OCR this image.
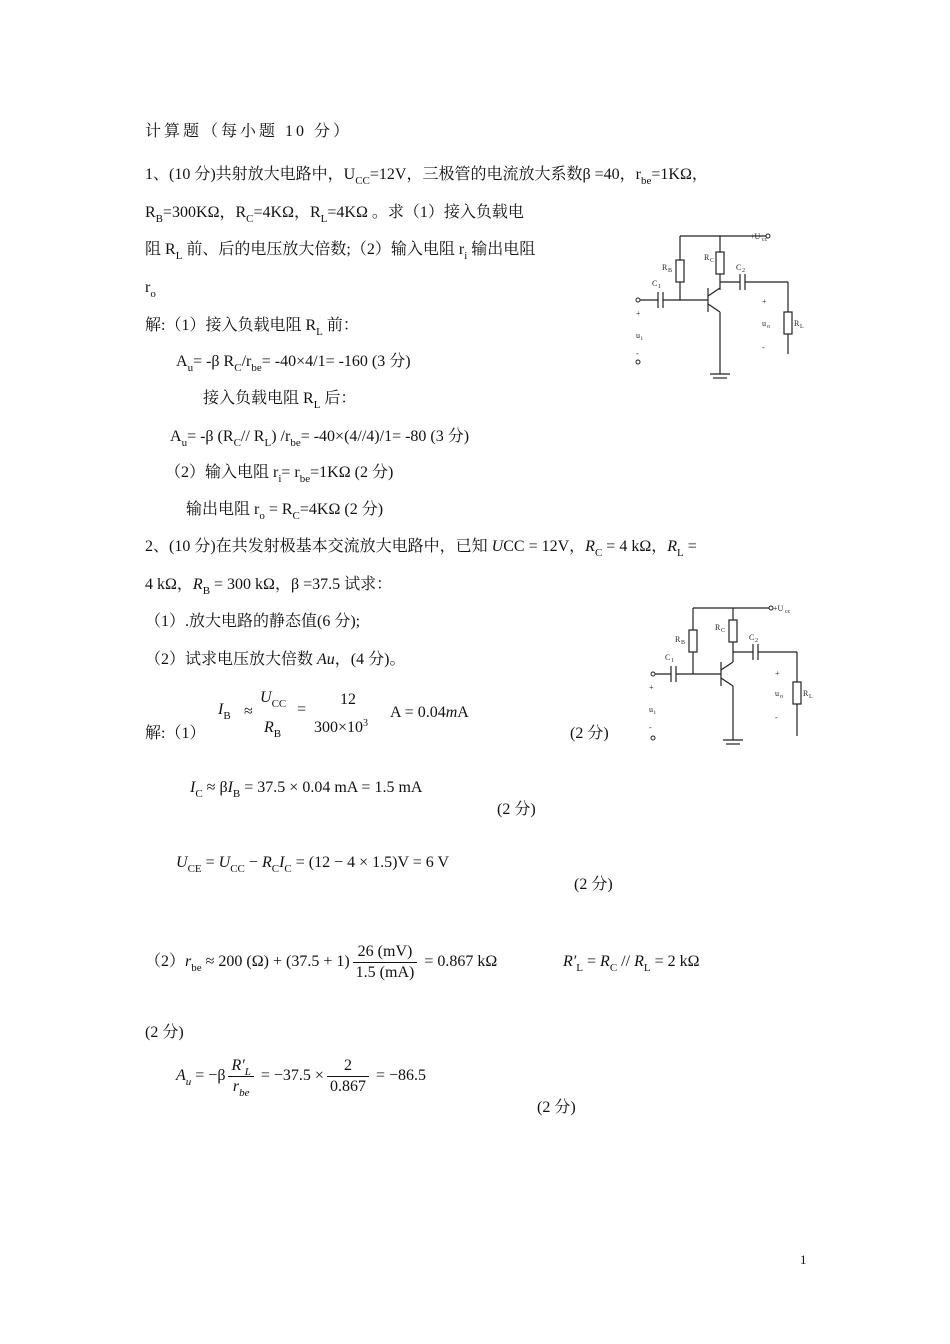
计算题（每小题 10 分）
1、(10 分)共射放大电路中，$U_{CC}=12V$，三极管的电流放大系数β =40，$r_{be}=1K\Omega$，
$R_B=300K\Omega$，$R_C=4K\Omega$，$R_L=4K\Omega$ 。求（1）接入负载电
阻 $R_L$ 前、后的电压放大倍数;（2）输入电阻 $r_i$ 输出电阻
$r_o$
解:（1）接入负载电阻 $R_L$ 前：
$A_u= -\beta$ $R_C/r_{be}= -40\times 4/1= -160$ (3 分)
接入负载电阻 $R_L$ 后：
$A_u= -\beta$ ($R_C//$ $R_L$) $/r_{be}= -40\times(4//4)/1= -80$ (3 分)
（2）输入电阻 $r_i= r_{be}=1K\Omega$ (2 分)
输出电阻 $r_o = R_C=4K\Omega$ (2 分)
+U cc
R B
R C
C 2
C 1
+
u i
-
+
u o	R L
-
2、(10 分)在共发射极基本交流放大电路中，已知 UCC = 12V，$R_C = 4$ kΩ，$R_L$ =
4 kΩ，$R_B = 300$ kΩ，β =37.5 试求：
（1）.放大电路的静态值(6 分);
（2）试求电压放大倍数 Au，(4 分)。
解:（1）
$I_B$ ≈
$U_{CC}$
$R_B$
=
12
$300\times 10^3$
A = 0.04mA
(2 分)
+U cc
R B
R C
C 2
C 1
+
u i
-
+
u o	R L
-
$I_C \approx \beta I_B = 37.5 \times 0.04$ mA = 1.5 mA
(2 分)
$U_{CE} = U_{CC} - R_CI_C = (12 - 4 \times 1.5)V = 6$ V
(2 分)
$(2)r_{be} \approx 200$ $(\Omega) + (37.5 + 1) \frac{26 (mV)}{1.5 (mA)} = 0.867$ kΩ	$R'_L = R_C // R_L = 2$ kΩ
(2 分)
$A_u = -\beta \frac{R'_L}{r_{be}} = -37.5 \times \frac{2}{0.867} = -86.5$
(2 分)
1
